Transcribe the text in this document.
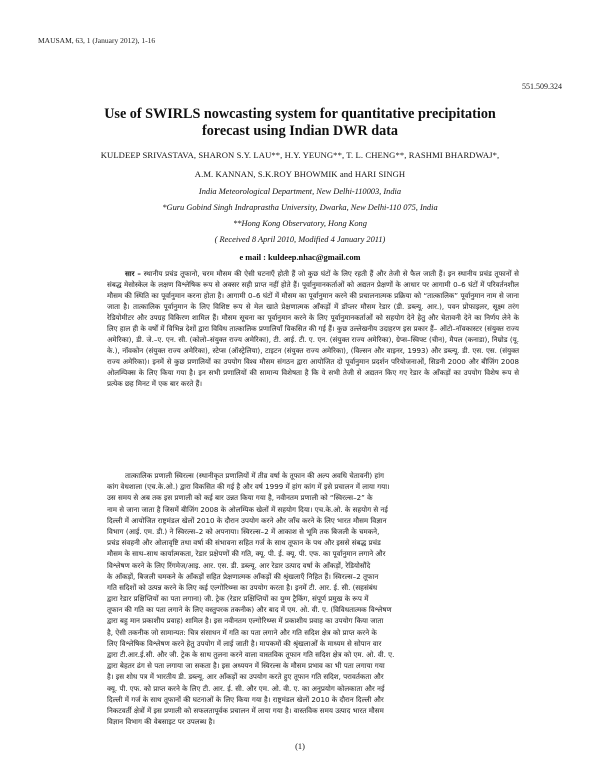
MAUSAM, 63, 1 (January 2012), 1-16
551.509.324
Use of SWIRLS nowcasting system for quantitative precipitation
forecast using Indian DWR data
KULDEEP SRIVASTAVA, SHARON S.Y. LAU**, H.Y. YEUNG**, T. L. CHENG**, RASHMI BHARDWAJ*,
A.M. KANNAN, S.K.ROY BHOWMIK and HARI SINGH
India Meteorological Department, New Delhi-110003, India
*Guru Gobind Singh Indraprastha University, Dwarka, New Delhi-110 075, India
**Hong Kong Observatory, Hong Kong
( Received 8 April 2010, Modified 4 January 2011)
e mail : kuldeep.nhac@gmail.com
सार – स्थानीय प्रचंड तूफानो, चरम मौसम की ऐसी घटनाएँ होती हैं जो कुछ घंटों के लिए रहती हैं और तेजी से फैल जाती हैं। इन स्थानीय प्रचंड तूफानों से संबद्ध मेसोस्केल के लक्षण विश्लेषिक रूप से अक्सर सही प्राप्त नहीं होते हैं। पूर्वानुमानकर्ताओं को अद्यतन प्रेक्षणों के आधार पर आगामी 0–6 घंटों में परिवर्तनशील मौसम की स्थिति का पूर्वानुमान करना होता है। आगामी 0–6 घंटों में मौसम का पूर्वानुमान करने की प्रचालनात्मक प्रक्रिया को “तात्कालिक” पूर्वानुमान नाम से जाना जाता है। तात्कालिक पूर्वानुमान के लिए विशिष्ट रूप से मेल खाते प्रेक्षणात्मक आँकड़ों में डॉप्लर मौसम रेडार (डी. डब्ल्यू. आर.), पवन प्रोफाइलर, सूक्ष्म तरंग रेडियोमीटर और उपग्रह विकिरण शामिल हैं। मौसम सूचना का पूर्वानुमान करने के लिए पूर्वानुमानकर्ताओं को सहयोग देने हेतु और चेतावनी देने का निर्णय लेने के लिए हाल ही के वर्षों में विभिन्न देशों द्वारा विविध तात्कालिक प्रणालियाँ विकसित की गई हैं। कुछ उल्लेखनीय उदाहरण इस प्रकार हैं– ऑटो–नॉवकास्टर (संयुक्त राज्य अमेरिका), डी. जे.–ए. एन. सी. (कोलो–संयुक्त राज्य अमेरिका), टी. आई. टी. ए. एन. (संयुक्त राज्य अमेरिका), ग्रेप्स–स्विफ्ट (चीन), मैपल (कनाडा), निम्रोड (यू. के.), नॉवकोन (संयुक्त राज्य अमेरिका), स्टेप्स (ऑस्ट्रेलिया), टाइटन (संयुक्त राज्य अमेरिका), (विल्सन और वाइनर, 1993) और डब्ल्यू. डी. एस. एस. (संयुक्त राज्य अमेरिका)। इनमें से कुछ प्रणालियों का उपयोग विश्व मौसम संगठन द्वारा आयोजित दो पूर्वानुमान प्रदर्शन परियोजनाओं, सिडनी 2000 और बीजिंग 2008 ओलम्पिक्स के लिए किया गया है। इन सभी प्रणालियों की सामान्य विशेषता है कि ये सभी तेजी से अद्यतन किए गए रेडार के आँकड़ों का उपयोग विशेष रूप से प्रत्येक छह मिनट में एक बार करते हैं।
तात्कालिक प्रणाली स्विरल्स (स्थानीकृत प्रणालियों में तीव्र वर्षा के तूफान की अल्प अवधि चेतावनी) हांग
कांग वेधशाला (एच.के.ओ.) द्वारा विकसित की गई है और वर्ष 1999 में हांग कांग में इसे प्रचालन में लाया गया।
उस समय से अब तक इस प्रणाली को कई बार उन्नत किया गया है, नवीनतम प्रणाली को “स्विरल्स–2” के
नाम से जाना जाता है जिसमें बीजिंग 2008 के ओलम्पिक खेलों में सहयोग दिया। एच.के.ओ. के सहयोग से नई
दिल्ली में आयोजित राष्ट्रमंडल खेलों 2010 के दौरान उपयोग करने और जाँच करने के लिए भारत मौसम विज्ञान
विभाग (आई. एम. डी.) ने स्विरल्स–2 को अपनाया। स्विरल्स–2 में आकाश से भूमि तक बिजली के चमकने,
प्रचंड संवहनी और ओलावृष्टि तथा वर्षा की संभावना सहित गर्ज के साथ तूफान के पथ और इससे संबद्ध प्रचंड
मौसम के साथ–साथ कार्यात्मकता, रेडार प्रक्षेपणों की गति, क्यू. पी. ई. क्यू. पी. एफ. का पूर्वानुमान लगाने और
विश्लेषण करने के लिए रिंगमेज/आइ. आर. एस. डी. डब्ल्यू. आर रेडार उत्पाद वर्षा के आँकड़ों, रेडियोसौंदे
के आँकड़ों, बिजली चमकने के आँकड़ों सहित प्रेक्षणात्मक आँकड़ों की श्रृंखलाएँ निहित हैं। स्विरल्स–2 तूफान
गति सदिशों को उत्पन्न करने के लिए कई एल्गोरिथ्म्स का उपयोग करता है। इनमें टी. आर. ई. सी. (सहसंबंध
द्वारा रेडार प्रक्षिप्तियों का पता लगाना) जी. ट्रेक (रेडार प्रक्षिप्तियों का युग्म ट्रैकिंग, संपूर्ण प्रमुख के रूप में
तूफान की गति का पता लगाने के लिए वस्तुपरक तकनीक) और बाद में एम. ओ. वी. ए. (विविधतात्मक विश्लेषण
द्वारा बहु मान प्रकाशीय प्रवाह) शामिल है। इस नवीनतम एल्गोरिथ्म्स में प्रकाशीय प्रवाह का उपयोग किया जाता
है, ऐसी तकनीक जो सामान्यत: चित्र संसाधन में गति का पता लगाने और गति सदिश क्षेत्र को प्राप्त करने के
लिए विश्लेषिक विश्लेषण करने हेतु उपयोग में लाई जाती है। मापकमों की श्रृंखलाओं के माध्यम से सोपान वार
द्वारा टी.आर.ई.सी. और जी. ट्रेक के साथ तुलना करने वाला वास्तविक तूफान गति सदिश क्षेत्र को एम. ओ. वी. ए.
द्वारा बेहतर ढंग से पता लगाया जा सकता है। इस अध्ययन में स्विरल्स के मौसम प्रभाव का भी पता लगाया गया
है। इस शोध पत्र में भारतीय डी. डब्ल्यू. आर आँकड़ों का उपयोग करते हुए तूफान गति सदिश, परावर्तकता और
क्यू. पी. एफ. को प्राप्त करने के लिए टी. आर. ई. सी. और एम. ओ. वी. ए. का अनुप्रयोग कोलकाता और नई
दिल्ली में गर्ज के साथ तूफानों की घटनाओं के लिए किया गया है। राष्ट्रमंडल खेलों 2010 के दौरान दिल्ली और
निकटवर्ती क्षेत्रों में इस प्रणाली को सफलतापूर्वक प्रचालन में लाया गया है। वास्तविक समय उत्पाद भारत मौसम
विज्ञान विभाग की वेबसाइट पर उपलब्ध है।
(1)
